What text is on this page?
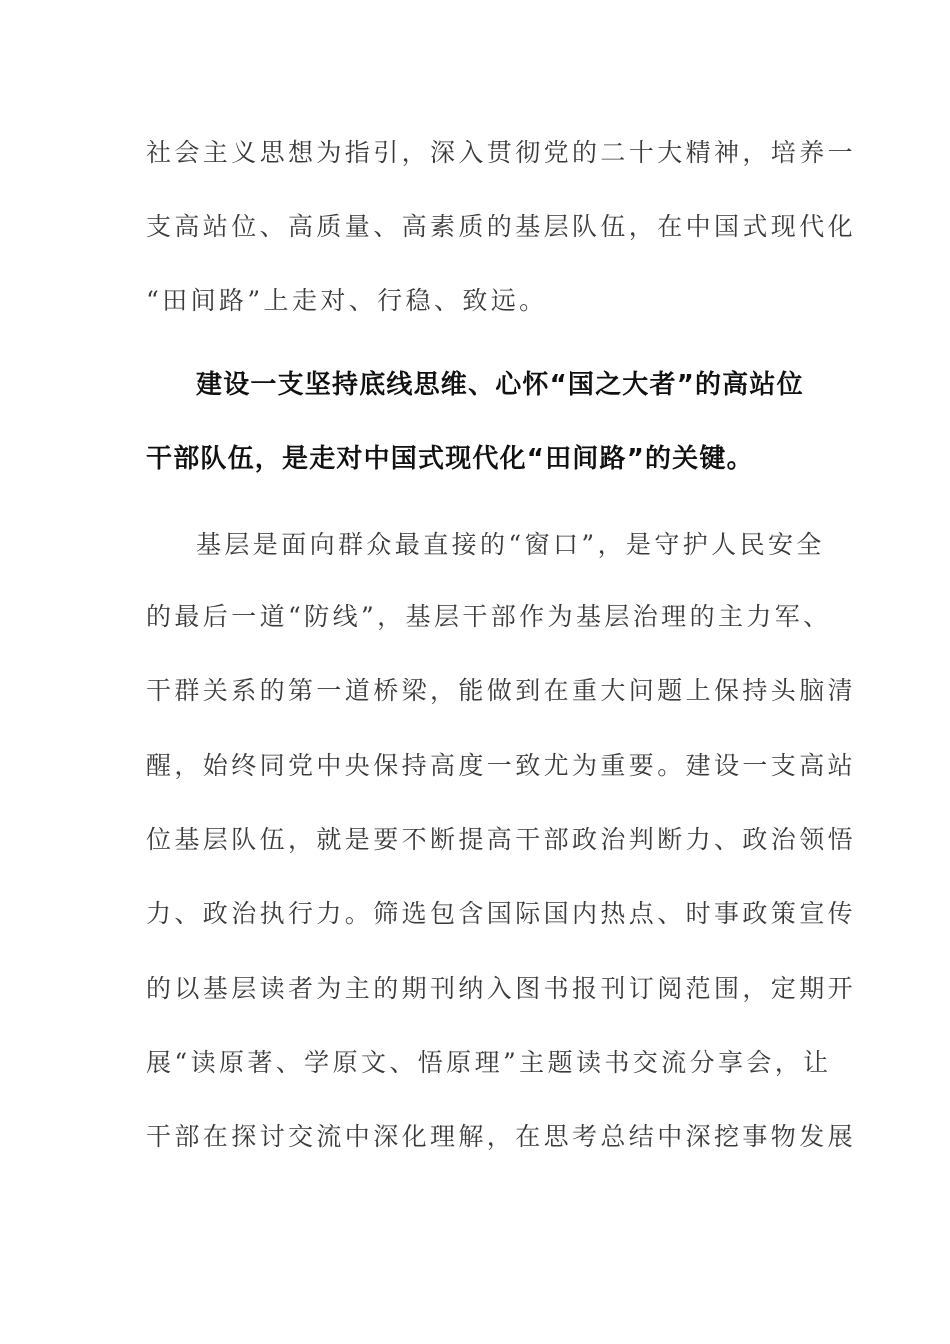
社会主义思想为指引，深入贯彻党的二十大精神，培养一
支高站位、高质量、高素质的基层队伍，在中国式现代化
“田间路”上走对、行稳、致远。
建设一支坚持底线思维、心怀“国之大者”的高站位
干部队伍，是走对中国式现代化“田间路”的关键。
基层是面向群众最直接的“窗口”，是守护人民安全
的最后一道“防线”，基层干部作为基层治理的主力军、
干群关系的第一道桥梁，能做到在重大问题上保持头脑清
醒，始终同党中央保持高度一致尤为重要。建设一支高站
位基层队伍，就是要不断提高干部政治判断力、政治领悟
力、政治执行力。筛选包含国际国内热点、时事政策宣传
的以基层读者为主的期刊纳入图书报刊订阅范围，定期开
展“读原著、学原文、悟原理”主题读书交流分享会，让
干部在探讨交流中深化理解，在思考总结中深挖事物发展
